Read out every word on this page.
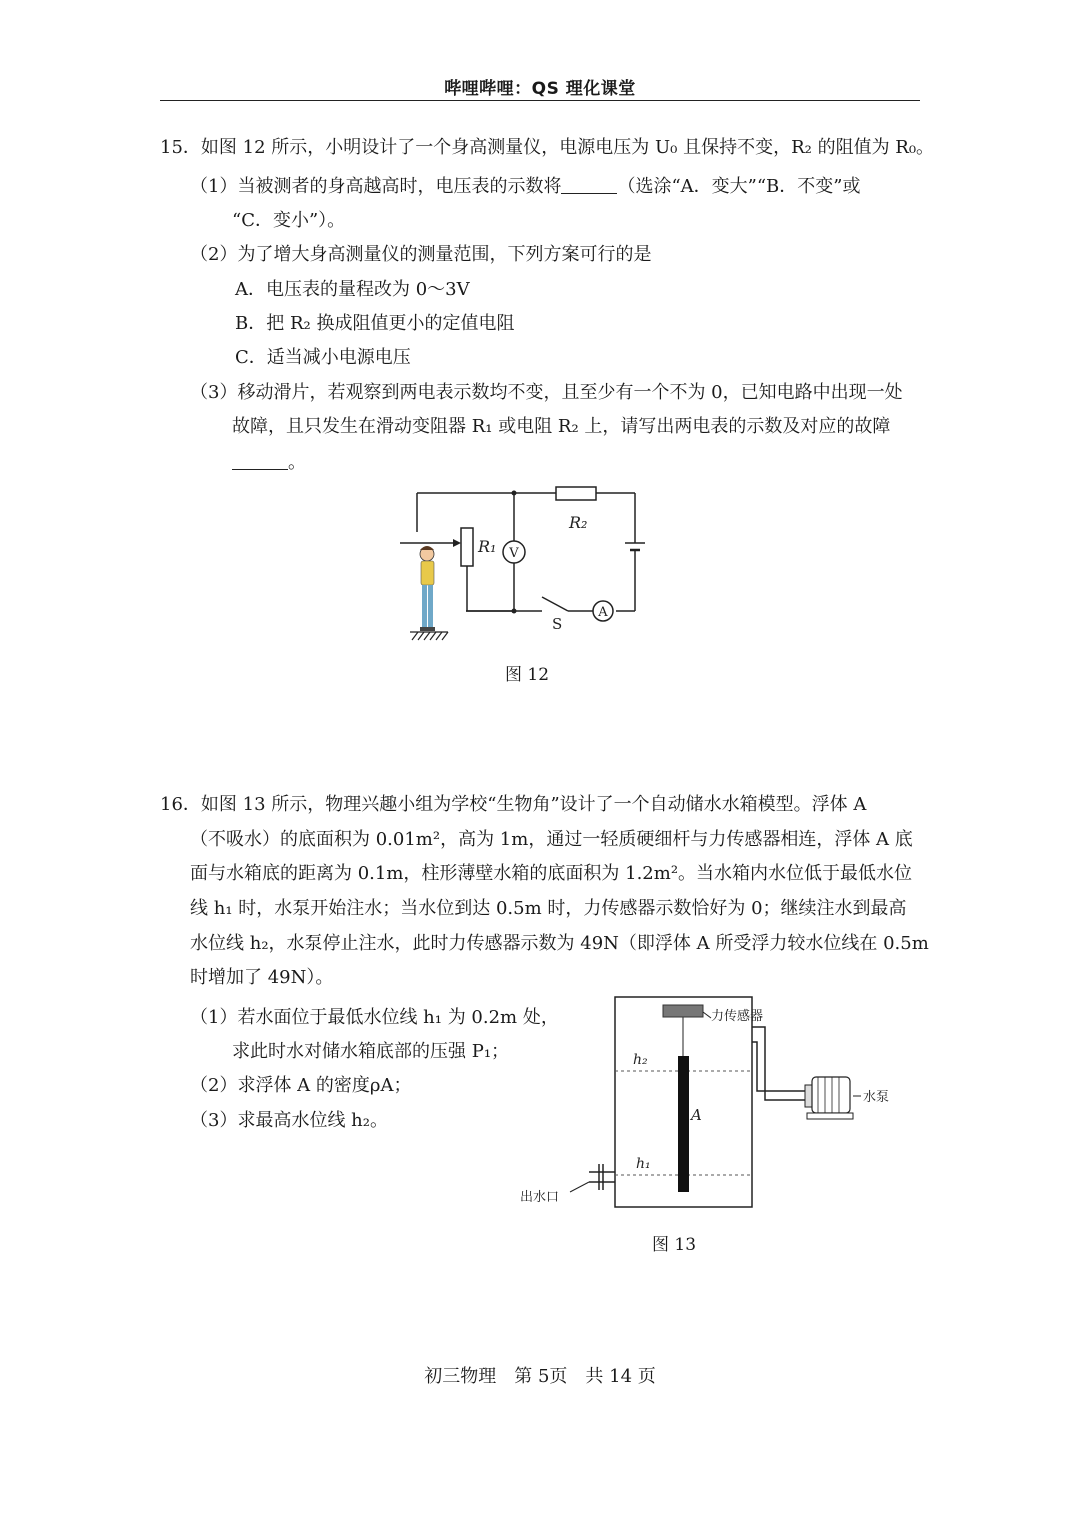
哔哩哔哩：QS 理化课堂
15．如图 12 所示，小明设计了一个身高测量仪，电源电压为 U₀ 且保持不变，R₂ 的阻值为 R₀。
（1）当被测者的身高越高时，电压表的示数将	（选涂“A．变大”“B．不变”或
“C．变小”）。
（2）为了增大身高测量仪的测量范围，下列方案可行的是
A．电压表的量程改为 0～3V
B．把 R₂ 换成阻值更小的定值电阻
C．适当减小电源电压
（3）移动滑片，若观察到两电表示数均不变，且至少有一个不为 0，已知电路中出现一处
故障，且只发生在滑动变阻器 R₁ 或电阻 R₂ 上，请写出两电表的示数及对应的故障
。
R₁
R₂
V
A
S
图 12
16．如图 13 所示，物理兴趣小组为学校“生物角”设计了一个自动储水水箱模型。浮体 A
（不吸水）的底面积为 0.01m²，高为 1m，通过一轻质硬细杆与力传感器相连，浮体 A 底
面与水箱底的距离为 0.1m，柱形薄壁水箱的底面积为 1.2m²。当水箱内水位低于最低水位
线 h₁ 时，水泵开始注水；当水位到达 0.5m 时，力传感器示数恰好为 0；继续注水到最高
水位线 h₂，水泵停止注水，此时力传感器示数为 49N（即浮体 A 所受浮力较水位线在 0.5m
时增加了 49N）。
（1）若水面位于最低水位线 h₁ 为 0.2m 处，
求此时水对储水箱底部的压强 P₁；
（2）求浮体 A 的密度ρA；
（3）求最高水位线 h₂。
力传感器
水泵
出水口
h₂
h₁
A
图 13
初三物理　第 5页　共 14 页
